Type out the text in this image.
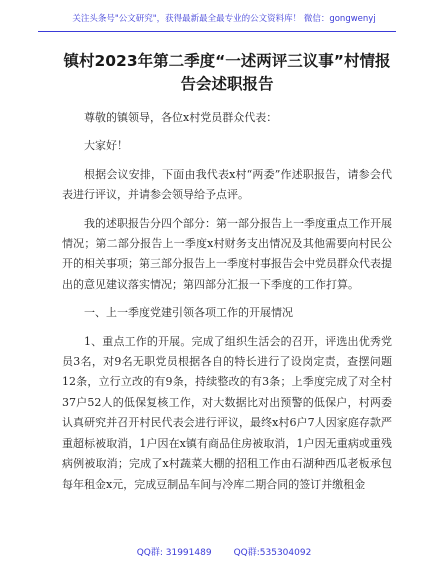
关注头条号"公文研究"，获得最新最全最专业的公文资料库！ 微信：gongwenyj
镇村2023年第二季度“一述两评三议事”村情报告会述职报告

尊敬的镇领导，各位x村党员群众代表：

大家好！

根据会议安排，下面由我代表x村“两委”作述职报告，请参会代表进行评议，并请参会领导给予点评。

我的述职报告分四个部分：第一部分报告上一季度重点工作开展情况；第二部分报告上一季度x村财务支出情况及其他需要向村民公开的相关事项；第三部分报告上一季度村事报告会中党员群众代表提出的意见建议落实情况；第四部分汇报一下季度的工作打算。

一、上一季度党建引领各项工作的开展情况

1、重点工作的开展。完成了组织生活会的召开，评选出优秀党员3名，对9名无职党员根据各自的特长进行了设岗定责，查摆问题12条，立行立改的有9条，持续整改的有3条；上季度完成了对全村37户52人的低保复核工作，对大数据比对出预警的低保户，村两委认真研究并召开村民代表会进行评议，最终x村6户7人因家庭存款严重超标被取消，1户因在x镇有商品住房被取消，1户因无重病或重残病例被取消；完成了x村蔬菜大棚的招租工作由石湖种西瓜老板承包每年租金x元，完成豆制品车间与冷库二期合同的签订并缴租金

QQ群: 31991489 QQ群:535304092
